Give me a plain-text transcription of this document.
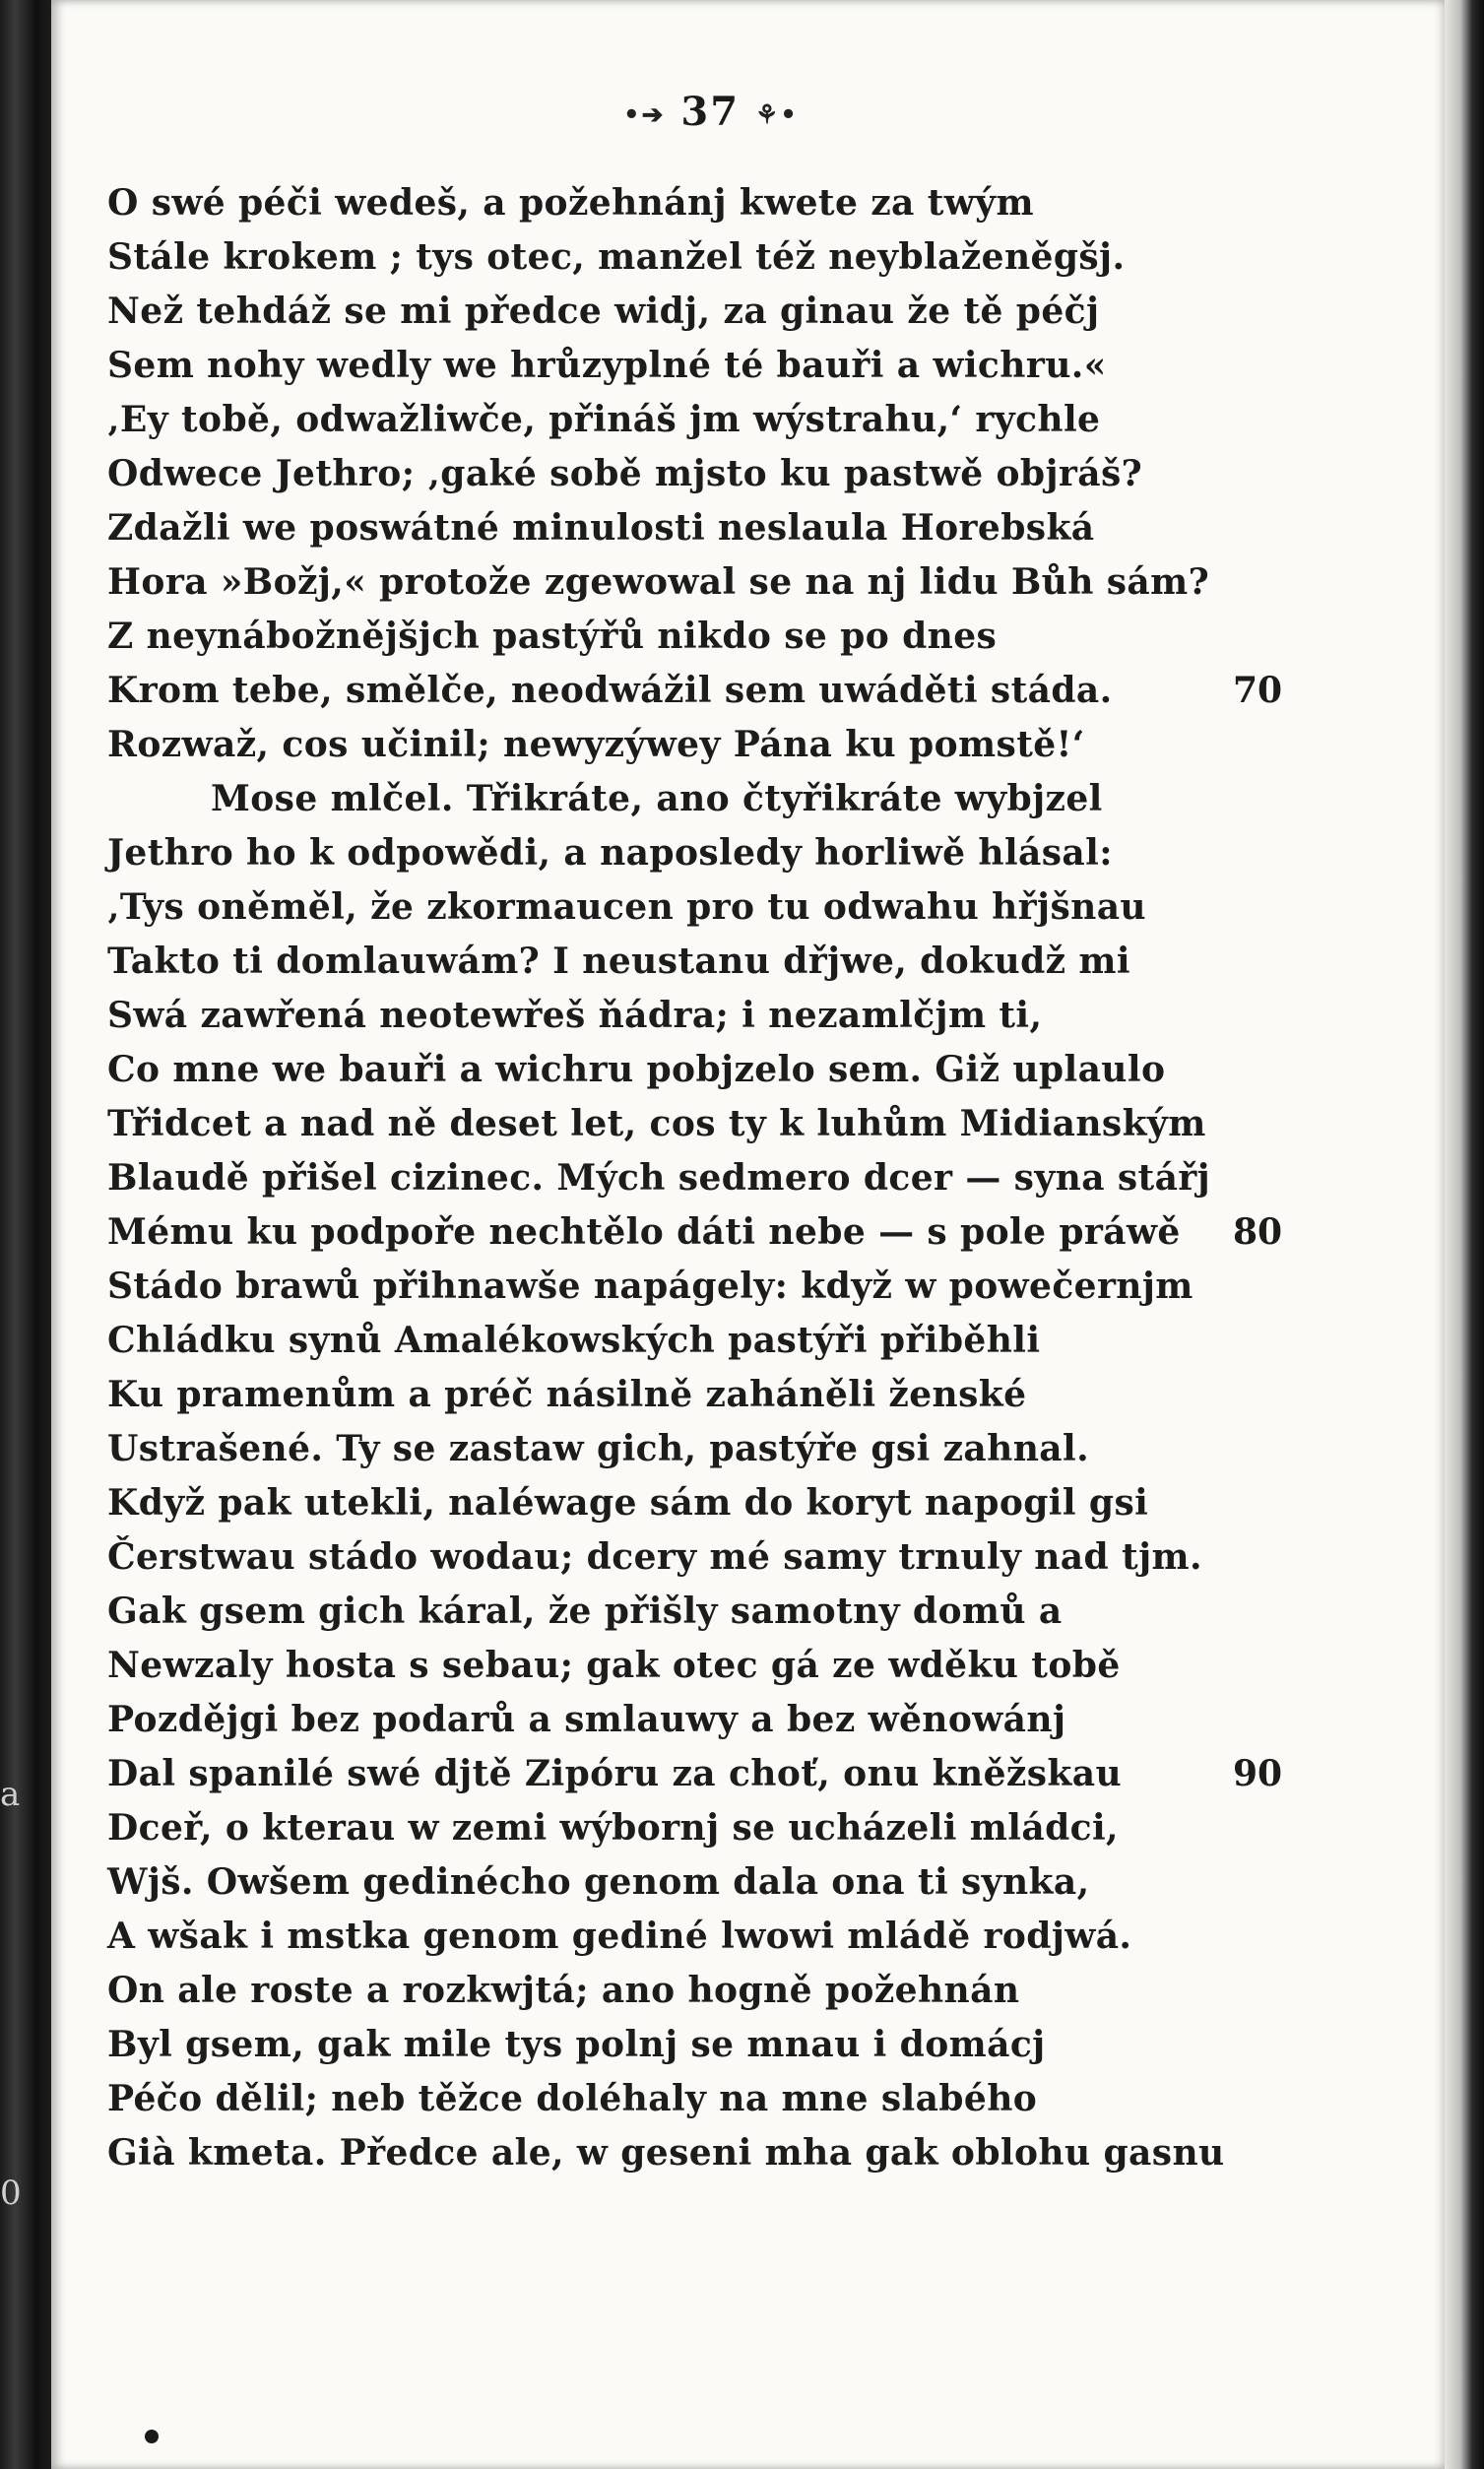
a
0
•➔ 37 ⚘•
O swé péči wedeš, a požehnánj kwete za twým
Stále krokem ; tys otec, manžel též neyblaženěgšj.
Než tehdáž se mi předce widj, za ginau že tě péčj
Sem nohy wedly we hrůzyplné té bauři a wichru.«
‚Ey tobě, odwažliwče, přináš jm wýstrahu,‘ rychle
Odwece Jethro; ‚gaké sobě mjsto ku pastwě objráš?
Zdažli we poswátné minulosti neslaula Horebská
Hora »Božj,« protože zgewowal se na nj lidu Bůh sám?
Z neynábožnějšjch pastýřů nikdo se po dnes
Krom tebe, smělče, neodwážil sem uwáděti stáda.	70
Rozwaž, cos učinil; newyzýwey Pána ku pomstě!‘
Mose mlčel. Třikráte, ano čtyřikráte wybjzel
Jethro ho k odpowědi, a naposledy horliwě hlásal:
‚Tys oněměl, že zkormaucen pro tu odwahu hřjšnau
Takto ti domlauwám? I neustanu dřjwe, dokudž mi
Swá zawřená neotewřeš ňádra; i nezamlčjm ti,
Co mne we bauři a wichru pobjzelo sem. Giž uplaulo
Třidcet a nad ně deset let, cos ty k luhům Midianským
Blaudě přišel cizinec. Mých sedmero dcer — syna stářj
Mému ku podpoře nechtělo dáti nebe — s pole práwě 80
Stádo brawů přihnawše napágely: když w powečernjm
Chládku synů Amalékowských pastýři přiběhli
Ku pramenům a préč násilně zaháněli ženské
Ustrašené. Ty se zastaw gich, pastýře gsi zahnal.
Když pak utekli, naléwage sám do koryt napogil gsi
Čerstwau stádo wodau; dcery mé samy trnuly nad tjm.
Gak gsem gich káral, že přišly samotny domů a
Newzaly hosta s sebau; gak otec gá ze wděku tobě
Pozdějgi bez podarů a smlauwy a bez wěnowánj
Dal spanilé swé djtě Zipóru za choť, onu kněžskau	90
Dceř, o kterau w zemi wýbornj se ucházeli mládci,
Wjš. Owšem gedinécho genom dala ona ti synka,
A wšak i mstka genom gediné lwowi mládě rodjwá.
On ale roste a rozkwjtá; ano hogně požehnán
Byl gsem, gak mile tys polnj se mnau i domácj
Péčo dělil; neb těžce doléhaly na mne slabého
Già kmeta. Předce ale, w geseni mha gak oblohu gasnu
